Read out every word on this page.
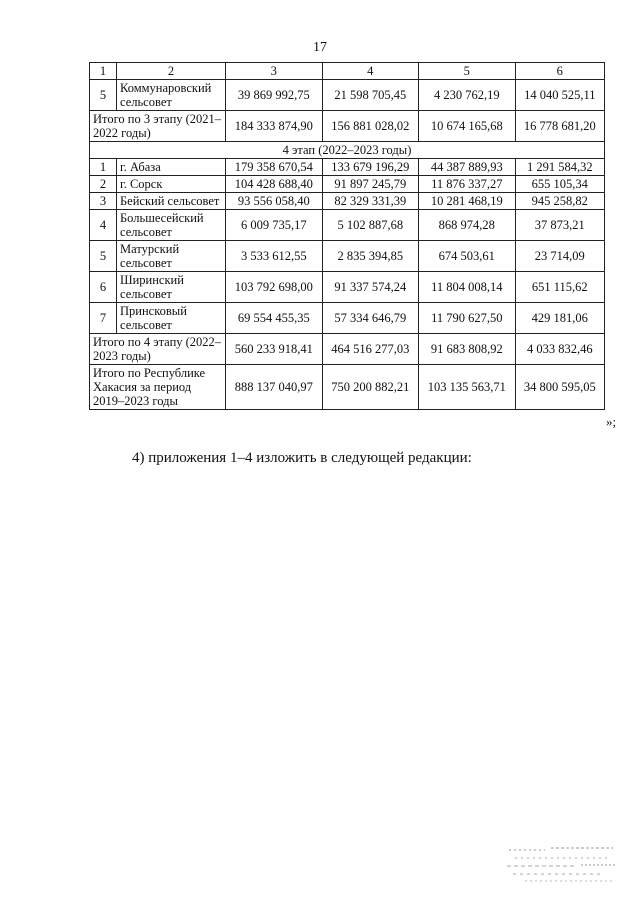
17
1	2	3	4	5	6
5	Коммунаровский сельсовет	39 869 992,75	21 598 705,45	4 230 762,19	14 040 525,11
Итого по 3 этапу (2021– 2022 годы)		184 333 874,90	156 881 028,02	10 674 165,68	16 778 681,20
4 этап (2022–2023 годы)					
1	г. Абаза	179 358 670,54	133 679 196,29	44 387 889,93	1 291 584,32
2	г. Сорск	104 428 688,40	91 897 245,79	11 876 337,27	655 105,34
3	Бейский сельсовет	93 556 058,40	82 329 331,39	10 281 468,19	945 258,82
4	Большесейский сельсовет	6 009 735,17	5 102 887,68	868 974,28	37 873,21
5	Матурский сельсовет	3 533 612,55	2 835 394,85	674 503,61	23 714,09
6	Ширинский сельсовет	103 792 698,00	91 337 574,24	11 804 008,14	651 115,62
7	Принсковый сельсовет	69 554 455,35	57 334 646,79	11 790 627,50	429 181,06
Итого по 4 этапу (2022–2023 годы)		560 233 918,41	464 516 277,03	91 683 808,92	4 033 832,46
Итого по Республике Хакасия за период 2019–2023 годы		888 137 040,97	750 200 882,21	103 135 563,71	34 800 595,05
»;
4) приложения 1–4 изложить в следующей редакции:
